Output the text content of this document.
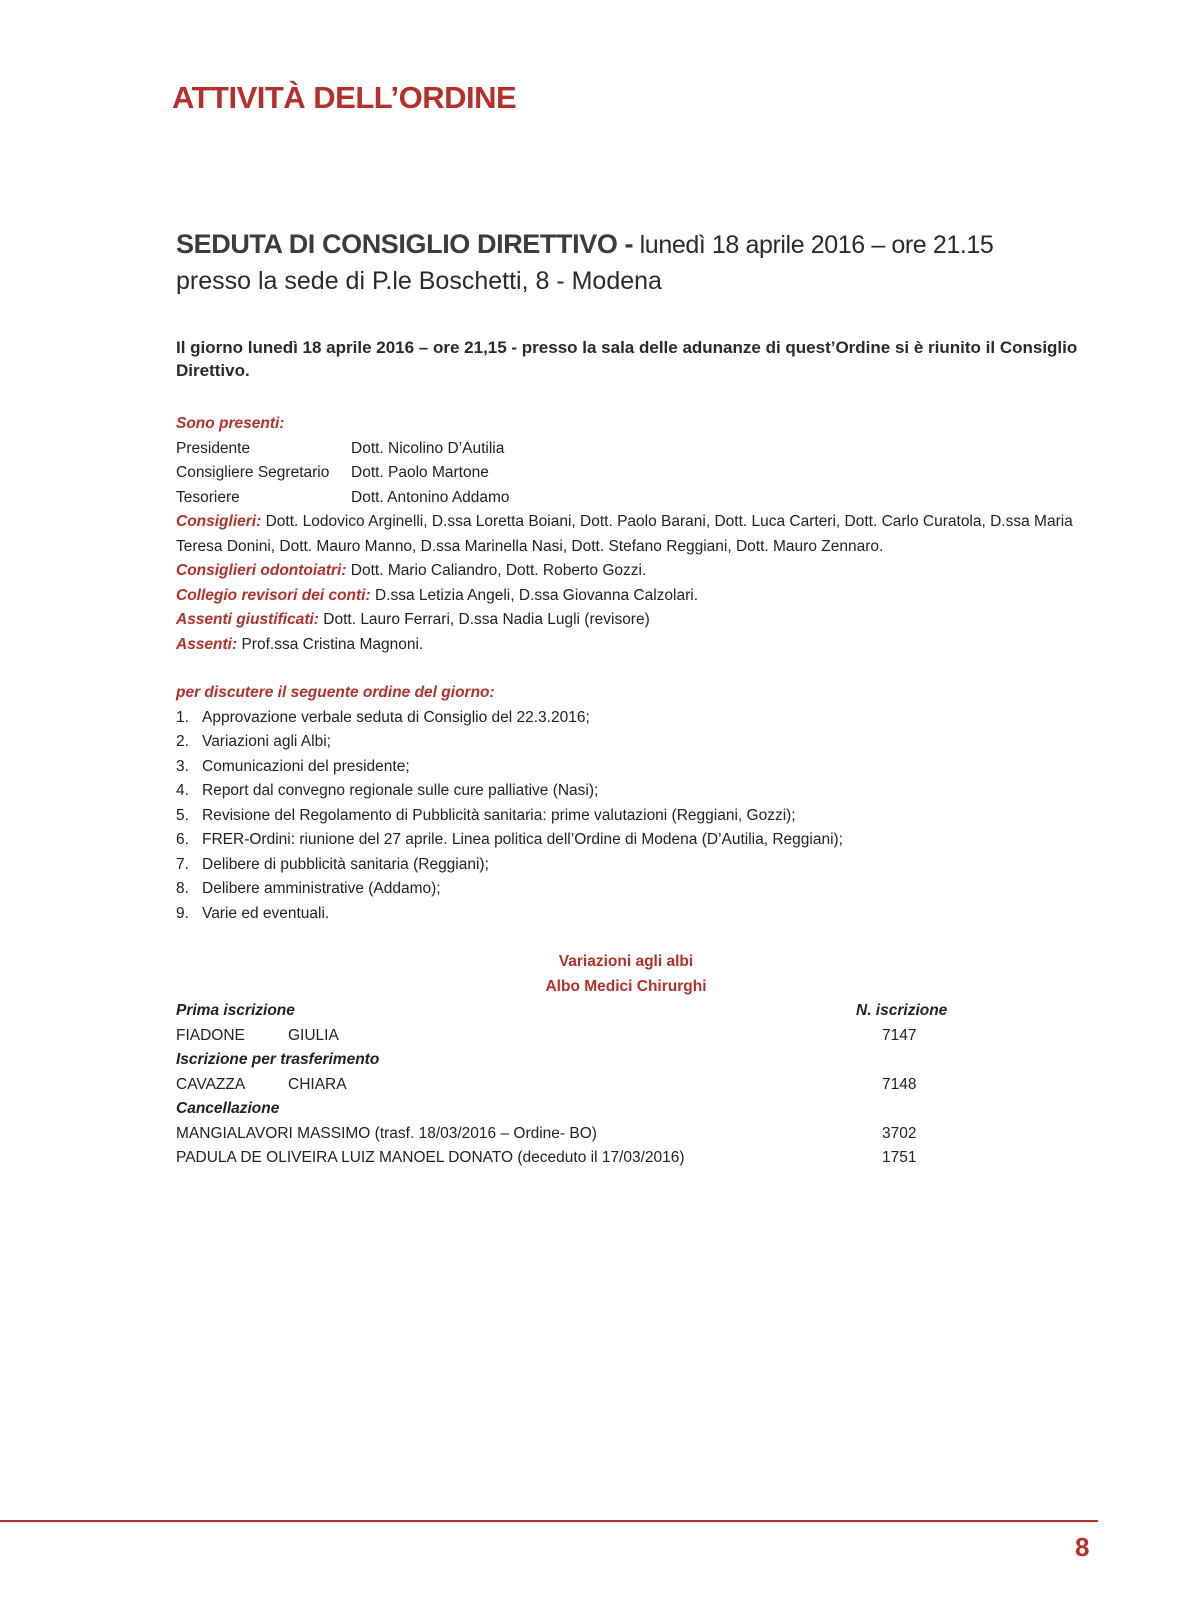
ATTIVITÀ DELL’ORDINE
SEDUTA DI CONSIGLIO DIRETTIVO - lunedì 18 aprile 2016 – ore 21.15
presso la sede di P.le Boschetti, 8 - Modena
Il giorno lunedì 18 aprile 2016 – ore 21,15 - presso la sala delle adunanze di quest’Ordine si è riunito il Consiglio Direttivo.
Sono presenti:
Presidente	Dott. Nicolino D’Autilia
Consigliere Segretario Dott. Paolo Martone
Tesoriere	Dott. Antonino Addamo
Consiglieri: Dott. Lodovico Arginelli, D.ssa Loretta Boiani, Dott. Paolo Barani, Dott. Luca Carteri, Dott. Carlo Curatola, D.ssa Maria Teresa Donini, Dott. Mauro Manno, D.ssa Marinella Nasi, Dott. Stefano Reggiani, Dott. Mauro Zennaro.
Consiglieri odontoiatri: Dott. Mario Caliandro, Dott. Roberto Gozzi.
Collegio revisori dei conti: D.ssa Letizia Angeli, D.ssa Giovanna Calzolari.
Assenti giustificati: Dott. Lauro Ferrari, D.ssa Nadia Lugli (revisore)
Assenti: Prof.ssa Cristina Magnoni.
per discutere il seguente ordine del giorno:
1. Approvazione verbale seduta di Consiglio del 22.3.2016;
2. Variazioni agli Albi;
3. Comunicazioni del presidente;
4. Report dal convegno regionale sulle cure palliative (Nasi);
5. Revisione del Regolamento di Pubblicità sanitaria: prime valutazioni (Reggiani, Gozzi);
6. FRER-Ordini: riunione del 27 aprile. Linea politica dell’Ordine di Modena (D’Autilia, Reggiani);
7. Delibere di pubblicità sanitaria (Reggiani);
8. Delibere amministrative (Addamo);
9. Varie ed eventuali.
Variazioni agli albi
Albo Medici Chirurghi
Prima iscrizione	N. iscrizione
FIADONE	GIULIA	7147
Iscrizione per trasferimento
CAVAZZA	CHIARA	7148
Cancellazione
MANGIALAVORI MASSIMO (trasf. 18/03/2016 – Ordine- BO)	3702
PADULA DE OLIVEIRA LUIZ MANOEL DONATO (deceduto il 17/03/2016)	1751
8
